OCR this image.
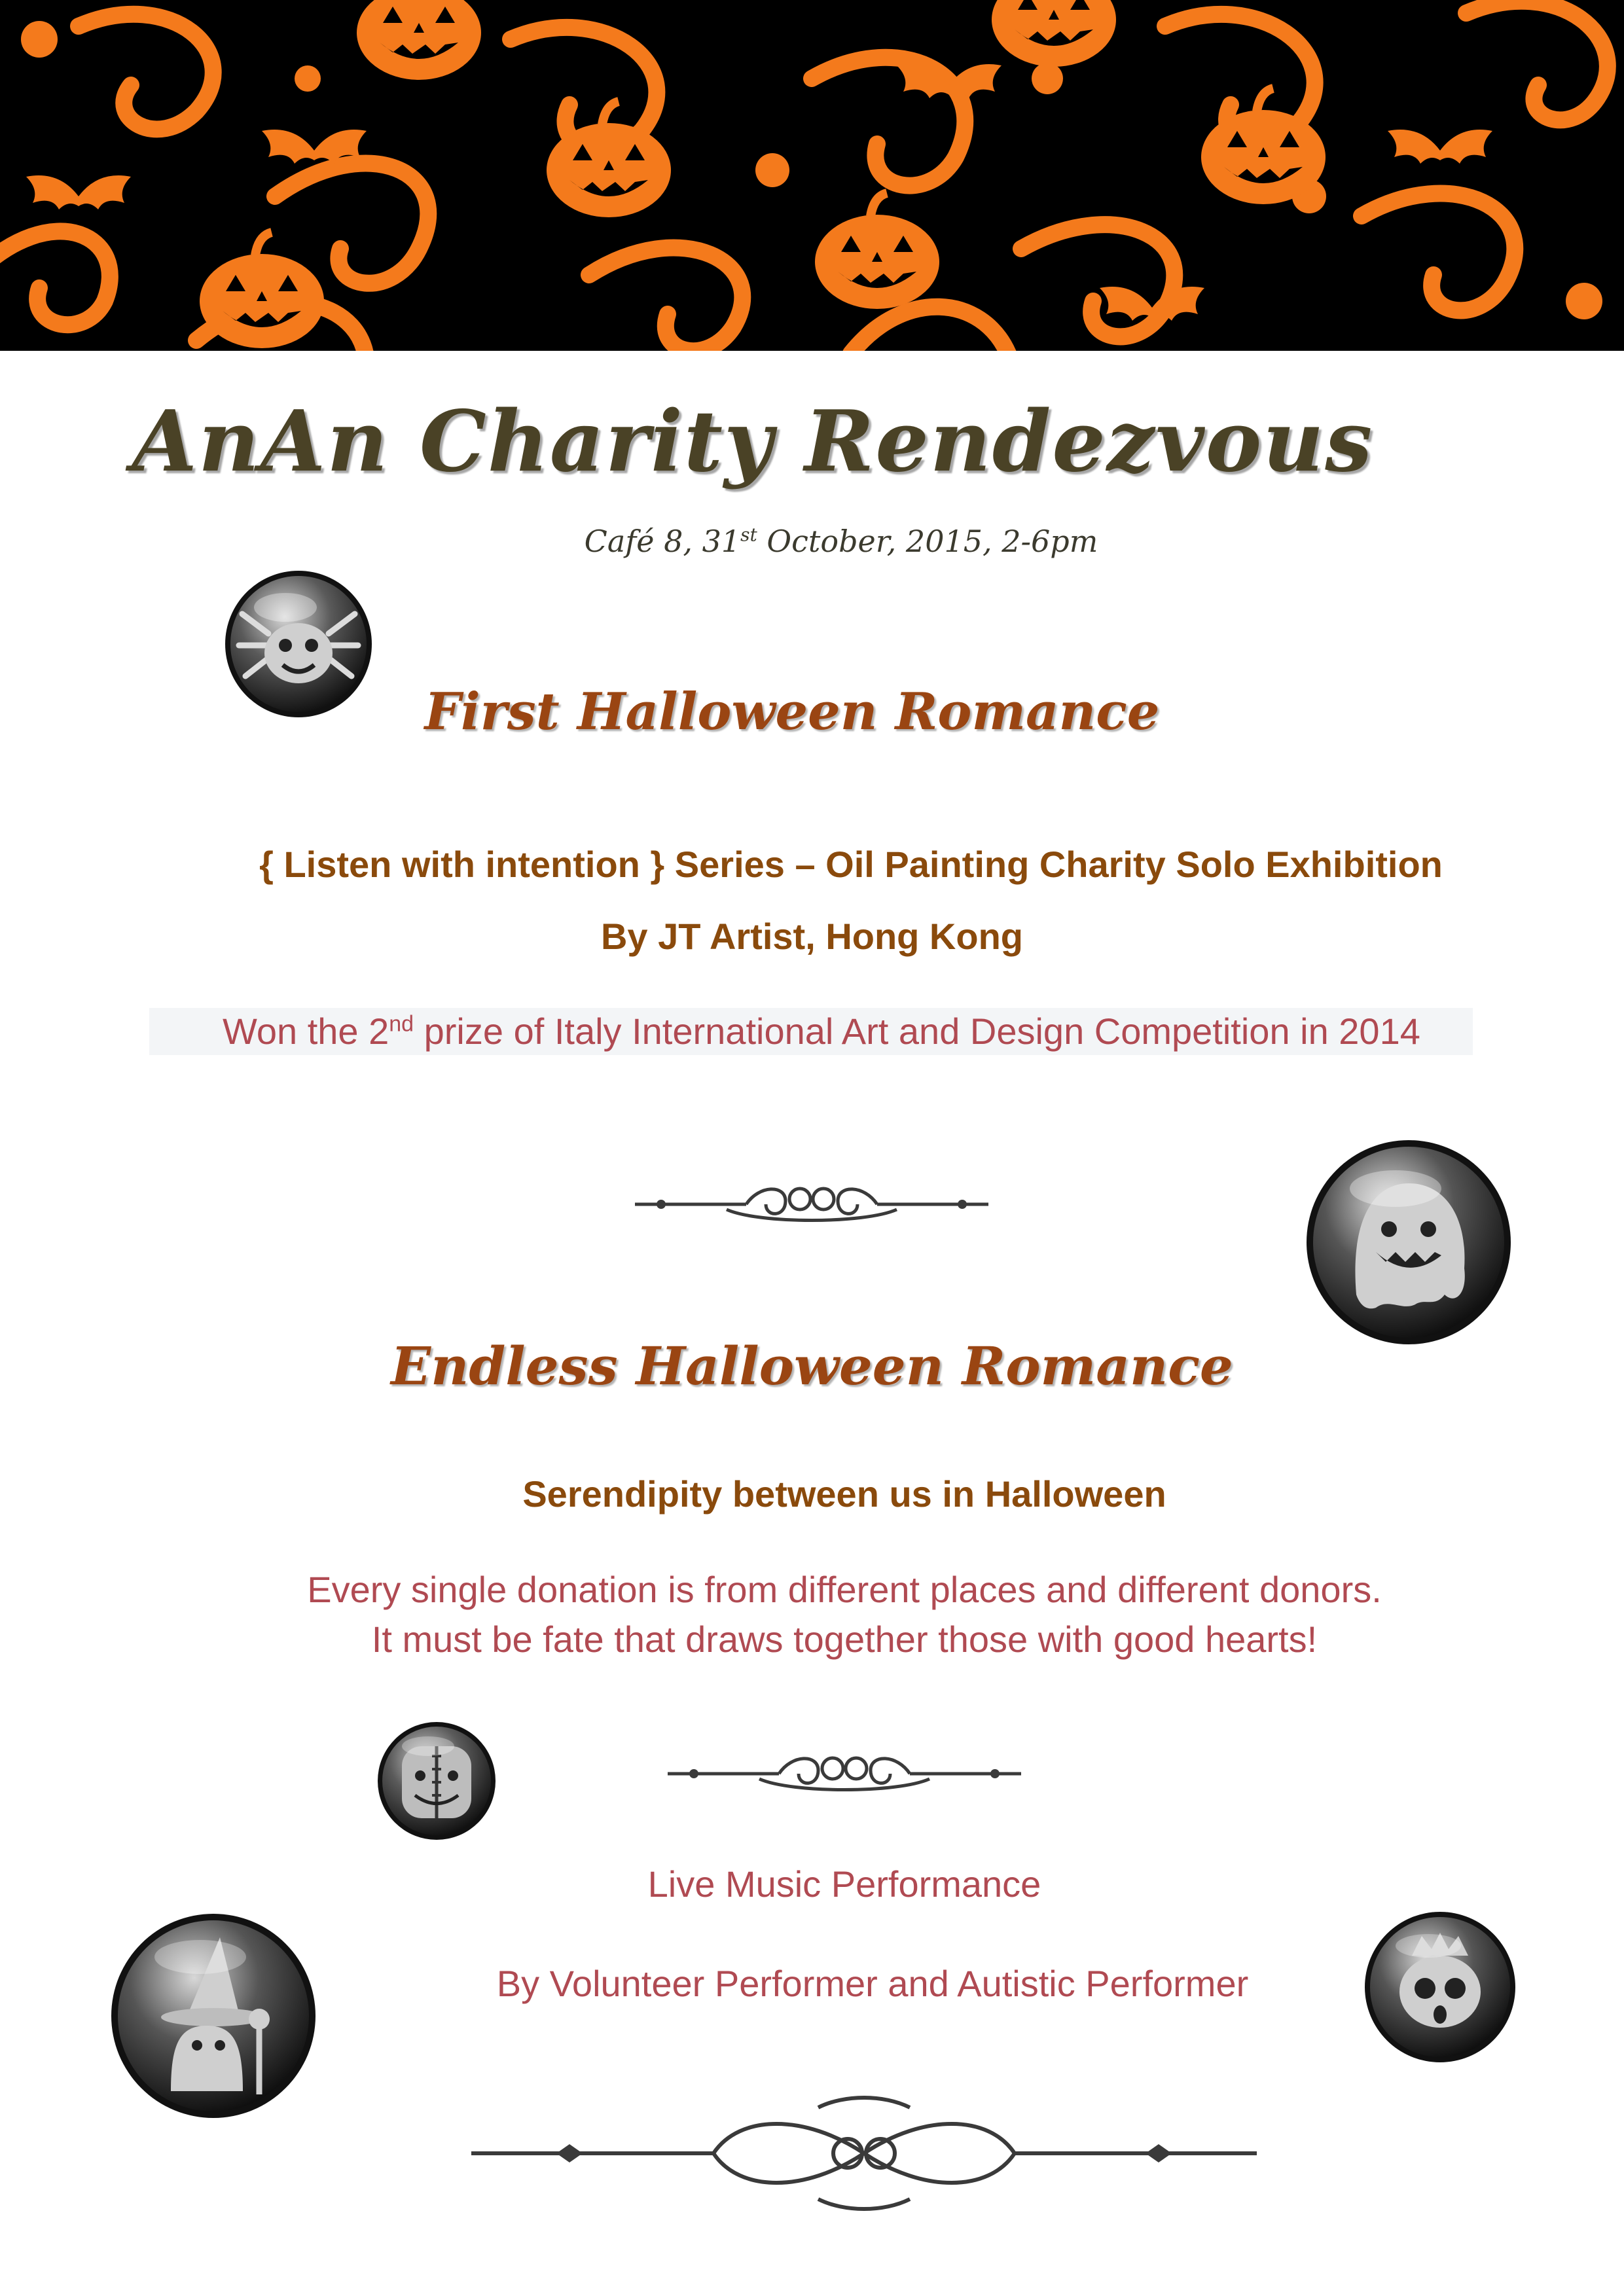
AnAn Charity Rendezvous
Café 8, 31st October, 2015, 2-6pm
First Halloween Romance
{ Listen with intention } Series – Oil Painting Charity Solo Exhibition
By JT Artist, Hong Kong
Won the 2nd prize of Italy International Art and Design Competition in 2014
Endless Halloween Romance
Serendipity between us in Halloween
Every single donation is from different places and different donors.
It must be fate that draws together those with good hearts!
Live Music Performance
By Volunteer Performer and Autistic Performer
